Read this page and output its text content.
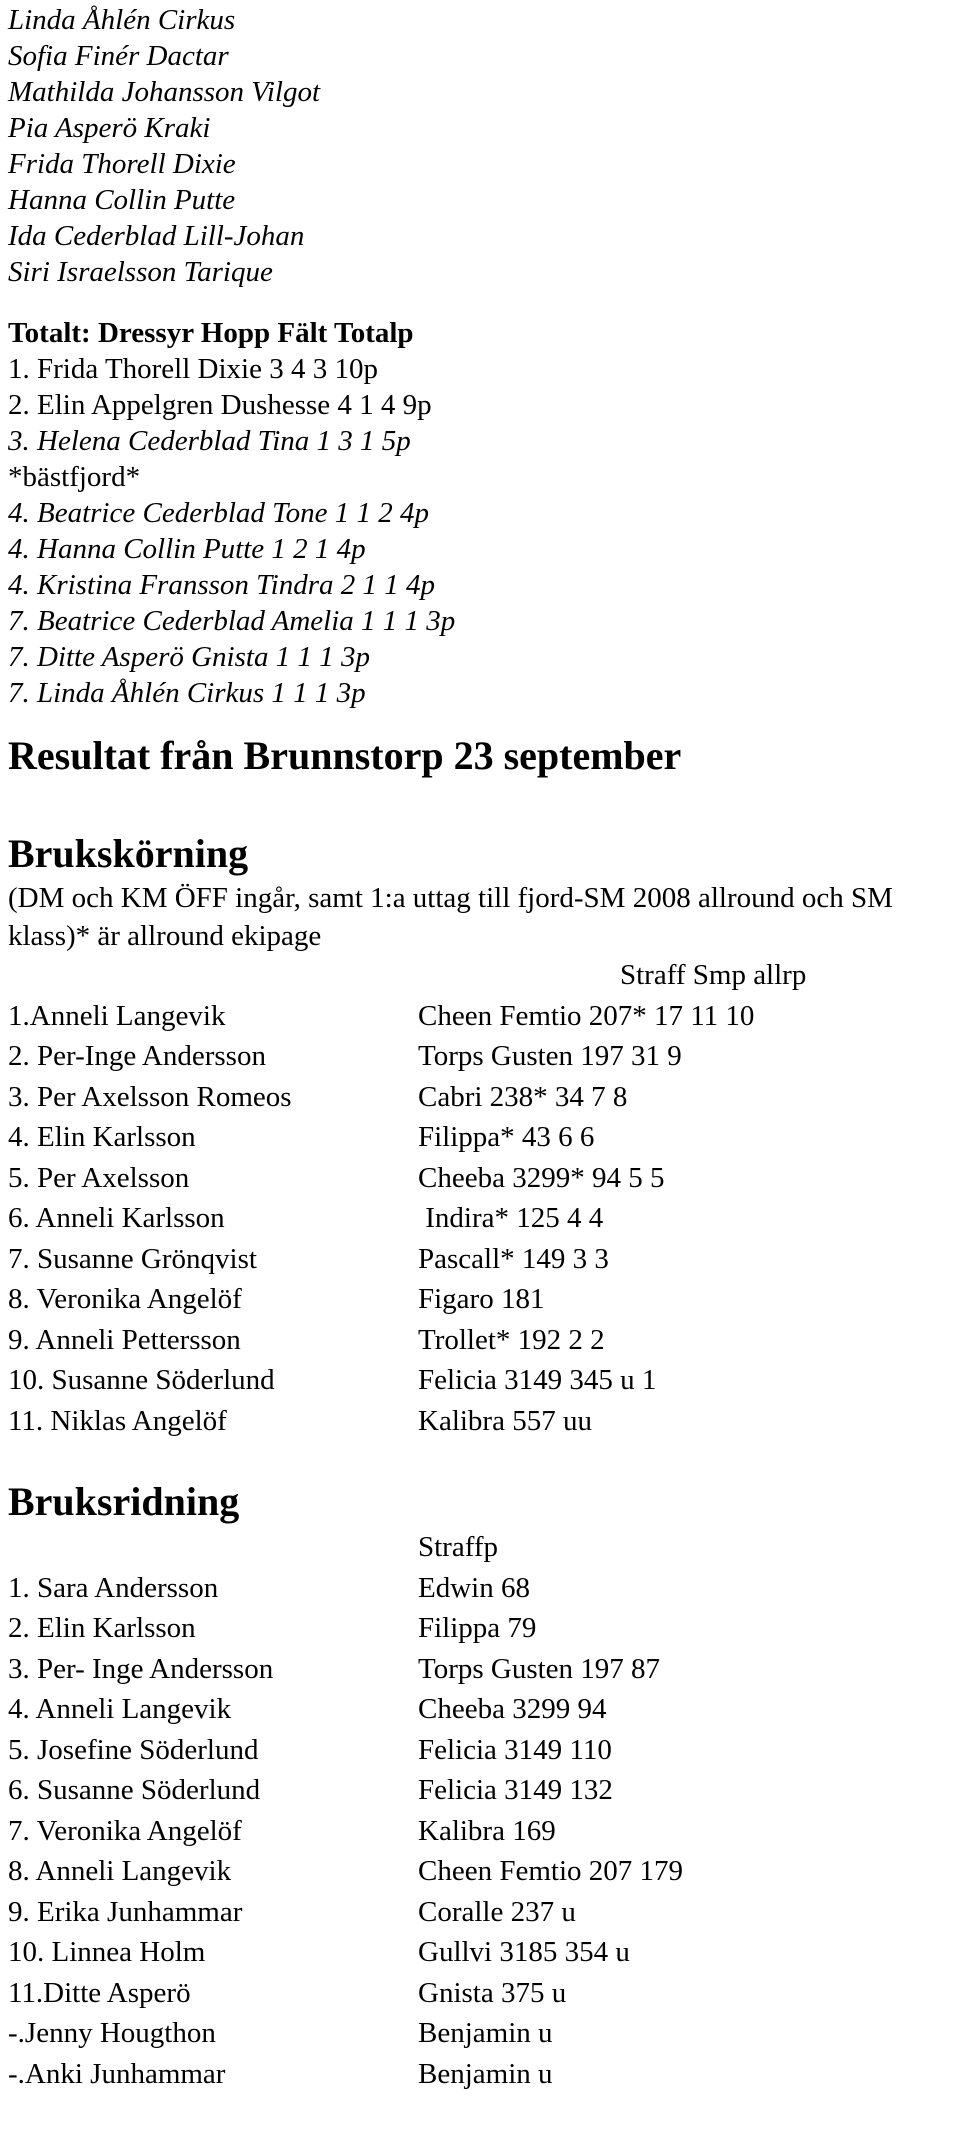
Linda Åhlén Cirkus
Sofia Finér Dactar
Mathilda Johansson Vilgot
Pia Asperö Kraki
Frida Thorell Dixie
Hanna Collin Putte
Ida Cederblad Lill-Johan
Siri Israelsson Tarique
Totalt: Dressyr Hopp Fält Totalp
1. Frida Thorell Dixie 3 4 3 10p
2. Elin Appelgren Dushesse 4 1 4 9p
3. Helena Cederblad Tina 1 3 1 5p
*bästfjord*
4. Beatrice Cederblad Tone 1 1 2 4p
4. Hanna Collin Putte 1 2 1 4p
4. Kristina Fransson Tindra 2 1 1 4p
7. Beatrice Cederblad Amelia 1 1 1 3p
7. Ditte Asperö Gnista 1 1 1 3p
7. Linda Åhlén Cirkus 1 1 1 3p
Resultat från Brunnstorp 23 september
Brukskörning
(DM och KM ÖFF ingår, samt 1:a uttag till fjord-SM 2008 allround och SM klass)* är allround ekipage
Straff Smp allrp
1.Anneli Langevik	Cheen Femtio 207* 17 11 10
2. Per-Inge Andersson	Torps Gusten 197 31 9
3. Per Axelsson Romeos	Cabri 238* 34 7 8
4. Elin Karlsson	Filippa* 43 6 6
5. Per Axelsson	Cheeba 3299* 94 5 5
6. Anneli Karlsson	Indira* 125 4 4
7. Susanne Grönqvist	Pascall* 149 3 3
8. Veronika Angelöf	Figaro 181
9. Anneli Pettersson	Trollet* 192 2 2
10. Susanne Söderlund	Felicia 3149 345 u 1
11. Niklas Angelöf	Kalibra 557 uu
Bruksridning
Straffp
1. Sara Andersson	Edwin 68
2. Elin Karlsson	Filippa 79
3. Per- Inge Andersson	Torps Gusten 197 87
4. Anneli Langevik	Cheeba 3299 94
5. Josefine Söderlund	Felicia 3149 110
6. Susanne Söderlund	Felicia 3149 132
7. Veronika Angelöf	Kalibra 169
8. Anneli Langevik	Cheen Femtio 207 179
9. Erika Junhammar	Coralle 237 u
10. Linnea Holm	Gullvi 3185 354 u
11.Ditte Asperö	Gnista 375 u
-.Jenny Hougthon	Benjamin u
-.Anki Junhammar	Benjamin u
